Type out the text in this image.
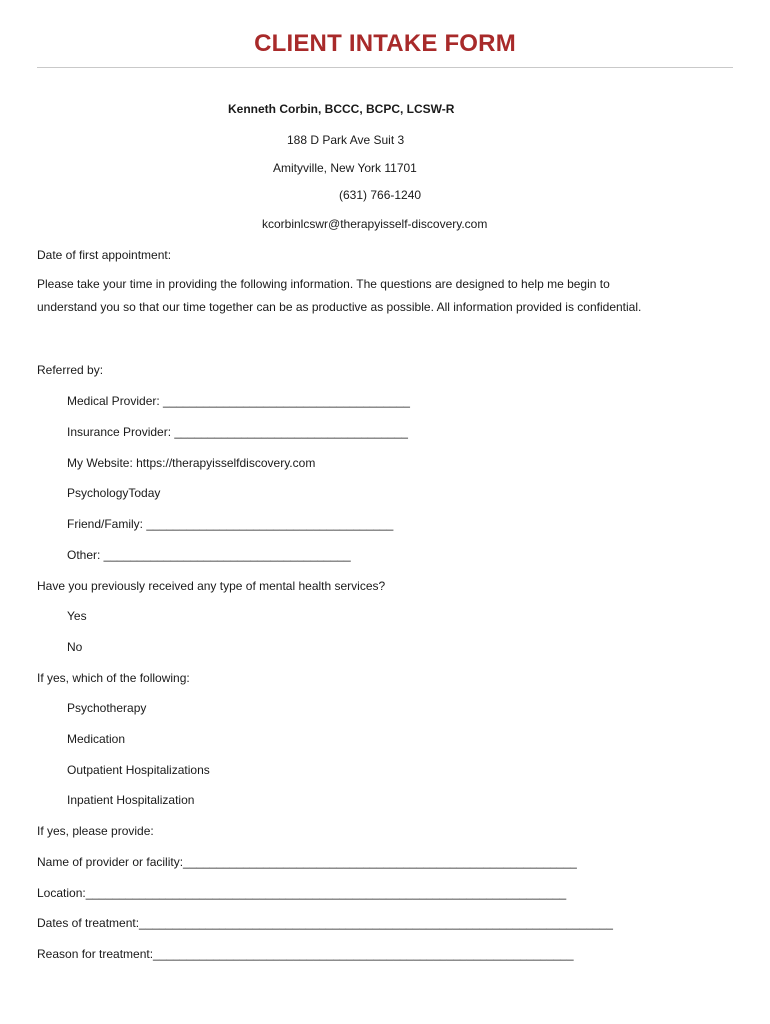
CLIENT INTAKE FORM
Kenneth Corbin, BCCC, BCPC, LCSW-R
188 D Park Ave Suit 3
Amityville, New York 11701
(631) 766-1240
kcorbinlcswr@therapyisself-discovery.com
Date of first appointment:
Please take your time in providing the following information. The questions are designed to help me begin to understand you so that our time together can be as productive as possible. All information provided is confidential.
Referred by:
Medical Provider: _____________________________________
Insurance Provider: ___________________________________
My Website: https://therapyisselfdiscovery.com
PsychologyToday
Friend/Family: _____________________________________
Other: _____________________________________
Have you previously received any type of mental health services?
Yes
No
If yes, which of the following:
Psychotherapy
Medication
Outpatient Hospitalizations
Inpatient Hospitalization
If yes, please provide:
Name of provider or facility:___________________________________________________________
Location:________________________________________________________________________
Dates of treatment:_______________________________________________________________________
Reason for treatment:_______________________________________________________________
